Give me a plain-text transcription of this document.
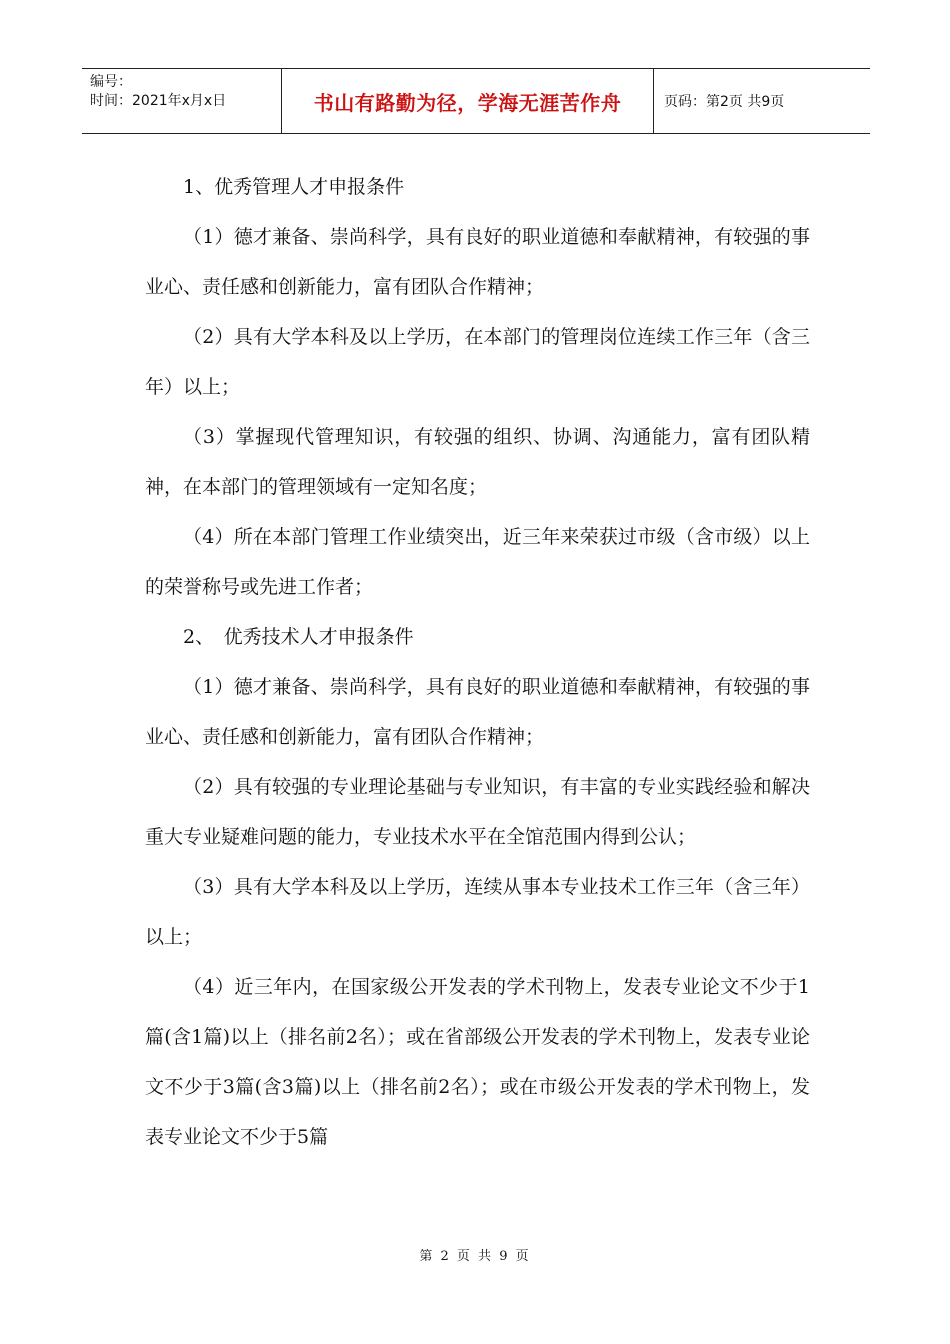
编号：
时间：2021年x月x日	书山有路勤为径，学海无涯苦作舟	页码：第2页 共9页

1、优秀管理人才申报条件

（1）德才兼备、崇尚科学，具有良好的职业道德和奉献精神，有较强的事业心、责任感和创新能力，富有团队合作精神；

（2）具有大学本科及以上学历，在本部门的管理岗位连续工作三年（含三年）以上；

（3）掌握现代管理知识，有较强的组织、协调、沟通能力，富有团队精神，在本部门的管理领域有一定知名度；

（4）所在本部门管理工作业绩突出，近三年来荣获过市级（含市级）以上的荣誉称号或先进工作者；

2、　优秀技术人才申报条件

（1）德才兼备、崇尚科学，具有良好的职业道德和奉献精神，有较强的事业心、责任感和创新能力，富有团队合作精神；

（2）具有较强的专业理论基础与专业知识，有丰富的专业实践经验和解决重大专业疑难问题的能力，专业技术水平在全馆范围内得到公认；

（3）具有大学本科及以上学历，连续从事本专业技术工作三年（含三年）以上；

（4）近三年内，在国家级公开发表的学术刊物上，发表专业论文不少于1篇(含1篇)以上（排名前2名）；或在省部级公开发表的学术刊物上，发表专业论文不少于3篇(含3篇)以上（排名前2名）；或在市级公开发表的学术刊物上，发表专业论文不少于5篇

第 2 页 共 9 页
